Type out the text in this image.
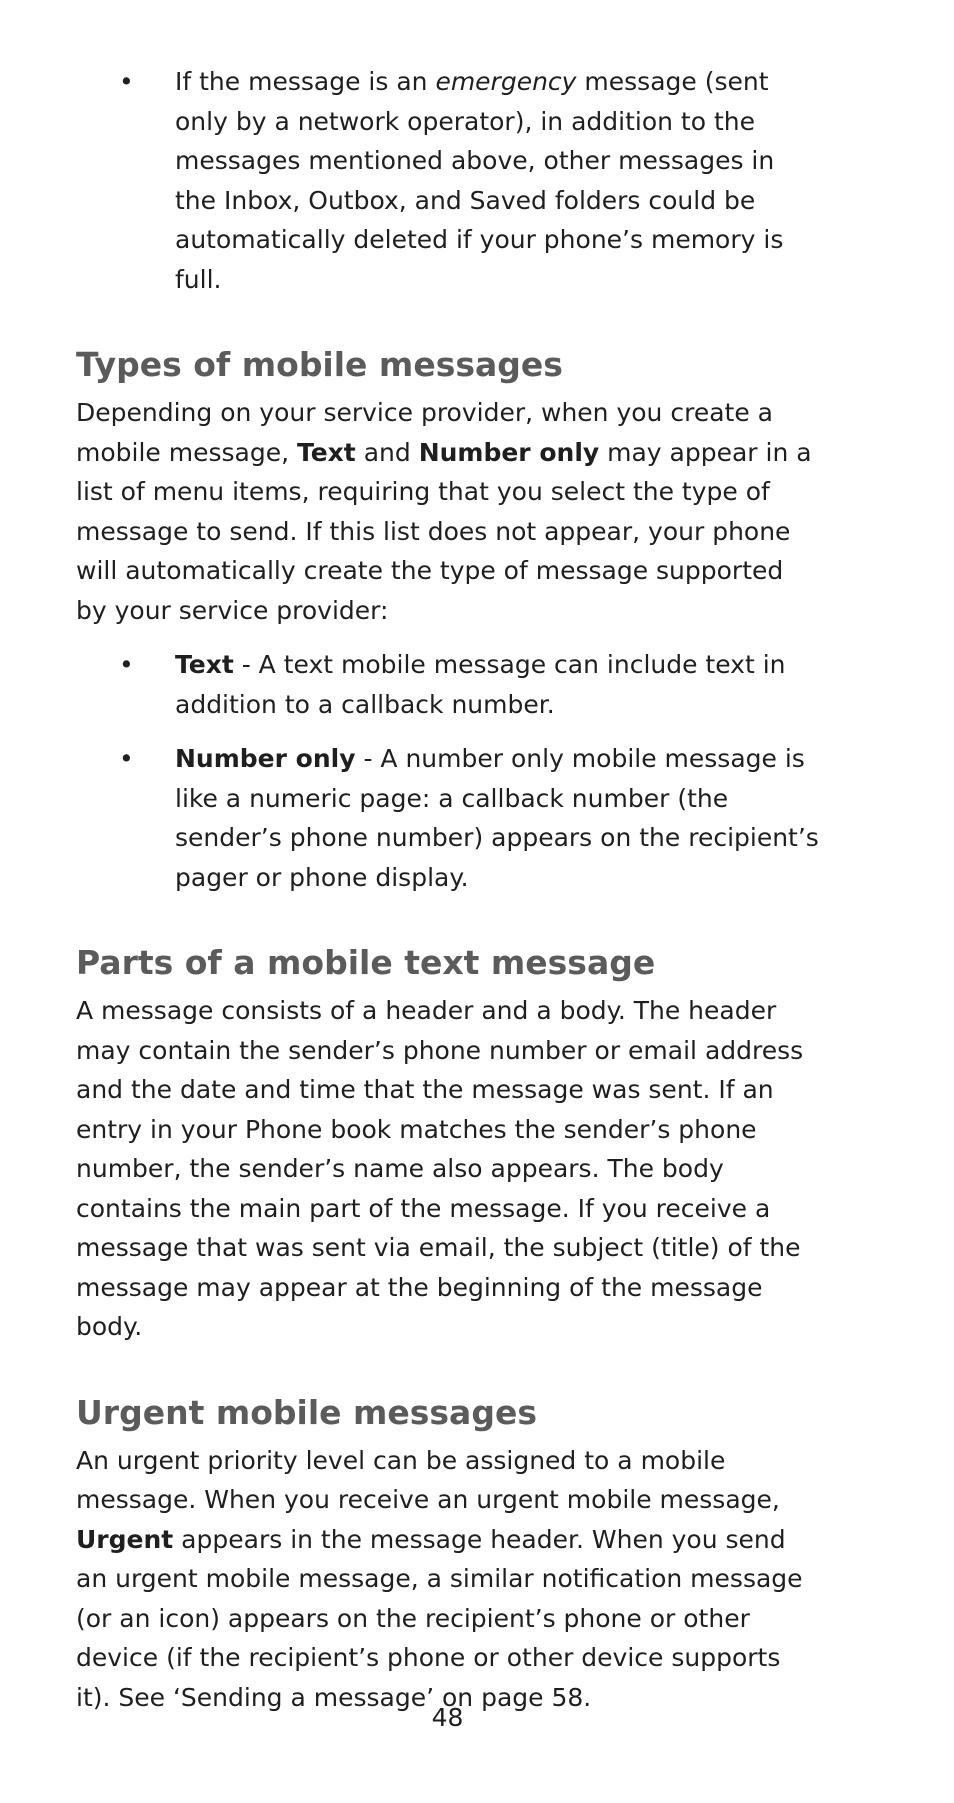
• If the message is an emergency message (sent only by a network operator), in addition to the messages mentioned above, other messages in the Inbox, Outbox, and Saved folders could be automatically deleted if your phone’s memory is full.
Types of mobile messages

Depending on your service provider, when you create a mobile message, Text and Number only may appear in a list of menu items, requiring that you select the type of message to send. If this list does not appear, your phone will automatically create the type of message supported by your service provider:

• Text - A text mobile message can include text in addition to a callback number.
• Number only - A number only mobile message is like a numeric page: a callback number (the sender’s phone number) appears on the recipient’s pager or phone display.
Parts of a mobile text message

A message consists of a header and a body. The header may contain the sender’s phone number or email address and the date and time that the message was sent. If an entry in your Phone book matches the sender’s phone number, the sender’s name also appears. The body contains the main part of the message. If you receive a message that was sent via email, the subject (title) of the message may appear at the beginning of the message body.

Urgent mobile messages

An urgent priority level can be assigned to a mobile message. When you receive an urgent mobile message, Urgent appears in the message header. When you send an urgent mobile message, a similar notification message (or an icon) appears on the recipient’s phone or other device (if the recipient’s phone or other device supports it). See ‘Sending a message’ on page 58.

48
